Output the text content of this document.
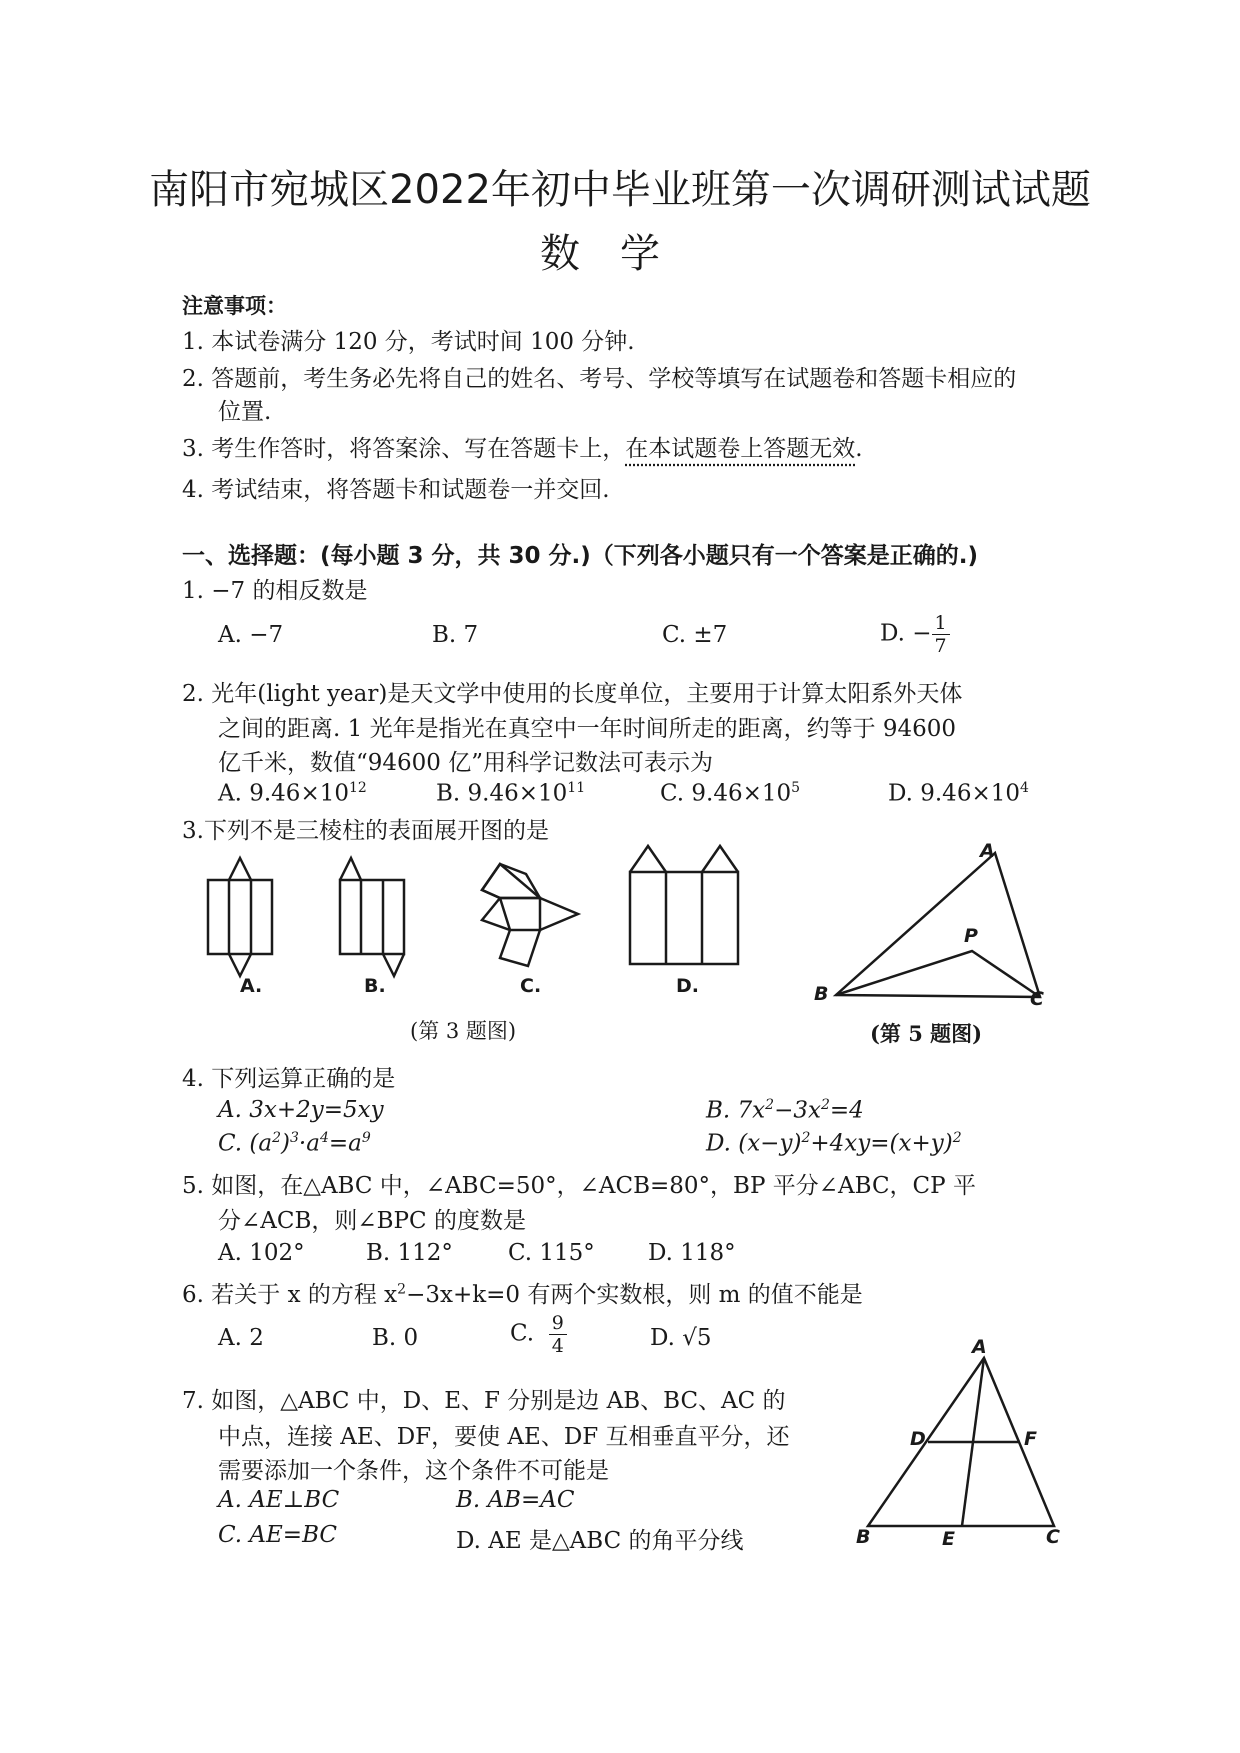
南阳市宛城区2022年初中毕业班第一次调研测试试题
数学
注意事项：
1. 本试卷满分 120 分，考试时间 100 分钟.
2. 答题前，考生务必先将自己的姓名、考号、学校等填写在试题卷和答题卡相应的
位置.
3. 考生作答时，将答案涂、写在答题卡上，在本试题卷上答题无效.
4. 考试结束，将答题卡和试题卷一并交回.
一、选择题：(每小题 3 分，共 30 分.)（下列各小题只有一个答案是正确的.)
1. −7 的相反数是
A. −7	B. 7	C. ±7	D. − $\frac{1}{7}$
2. 光年(light year)是天文学中使用的长度单位，主要用于计算太阳系外天体
之间的距离. 1 光年是指光在真空中一年时间所走的距离，约等于 94600
亿千米，数值“94600 亿”用科学记数法可表示为
A. $9.46\times 10^{12}$	B. $9.46\times 10^{11}$	C. $9.46\times 10^5$	D. $9.46\times 10^4$
3.下列不是三棱柱的表面展开图的是
A.	B.	C.	D.
(第 3 题图)
A
B	C
P
(第 5 题图)
4. 下列运算正确的是
A. 3x+2y=5xy	B. $7x^2-3x^2=4$
C. $(a^2)^3\cdot a^4=a^9$	D. $(x-y)^2+4xy=(x+y)^2$
5. 如图，在△ABC 中，∠ABC=50°，∠ACB=80°，BP 平分∠ABC，CP 平
分∠ACB，则∠BPC 的度数是
A. 102°	B. 112° C. 115° D. 118°
6. 若关于 x 的方程 $x^2-3x+k=0$ 有两个实数根，则 m 的值不能是
A. 2	B. 0	C. $\frac{9}{4}$	D. √5
7. 如图，△ABC 中，D、E、F 分别是边 AB、BC、AC 的
中点，连接 AE、DF，要使 AE、DF 互相垂直平分，还
需要添加一个条件，这个条件不可能是
A. AE⊥BC	B. AB=AC
C. AE=BC	D. AE 是△ABC 的角平分线
A
D	F
B	E	C
